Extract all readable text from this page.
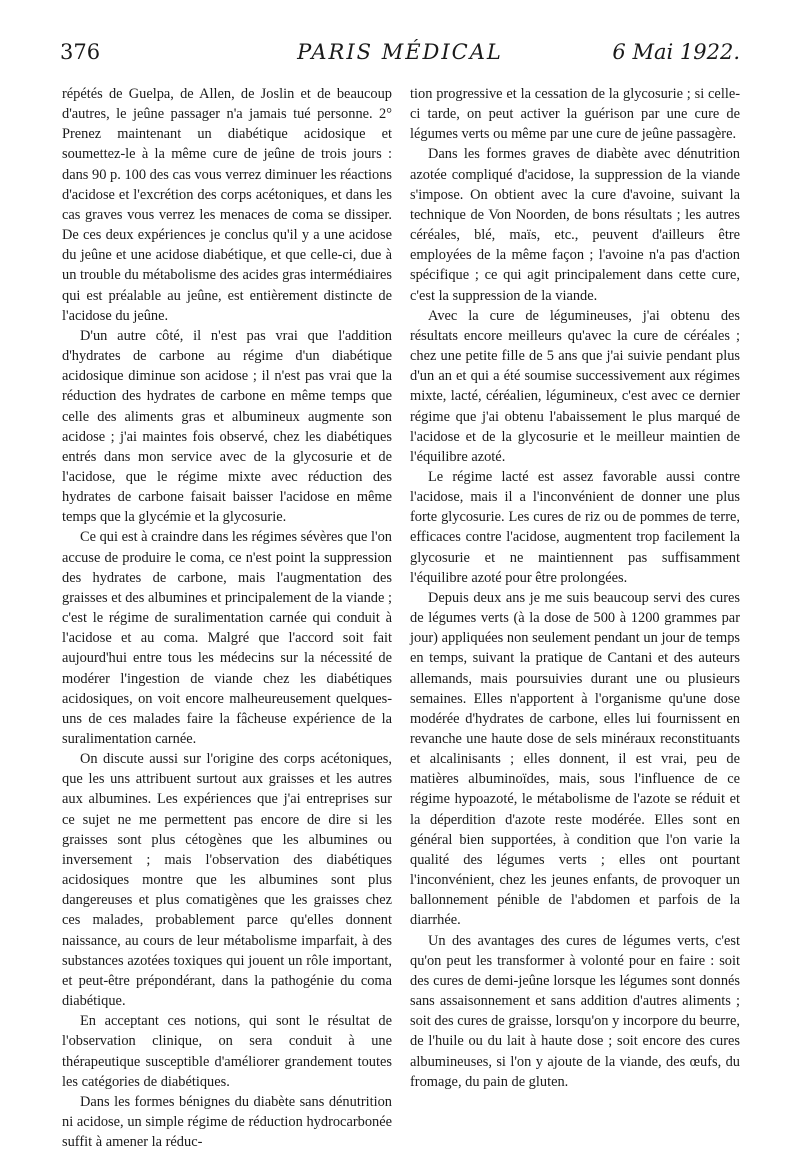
376	PARIS MÉDICAL	6 Mai 1922.

répétés de Guelpa, de Allen, de Joslin et de beaucoup d'autres, le jeûne passager n'a jamais tué personne. 2° Prenez maintenant un diabétique acidosique et soumettez-le à la même cure de jeûne de trois jours : dans 90 p. 100 des cas vous verrez diminuer les réactions d'acidose et l'excrétion des corps acétoniques, et dans les cas graves vous verrez les menaces de coma se dissiper. De ces deux expériences je conclus qu'il y a une acidose du jeûne et une acidose diabétique, et que celle-ci, due à un trouble du métabolisme des acides gras intermédiaires qui est préalable au jeûne, est entièrement distincte de l'acidose du jeûne.

D'un autre côté, il n'est pas vrai que l'addition d'hydrates de carbone au régime d'un diabétique acidosique diminue son acidose ; il n'est pas vrai que la réduction des hydrates de carbone en même temps que celle des aliments gras et albumineux augmente son acidose ; j'ai maintes fois observé, chez les diabétiques entrés dans mon service avec de la glycosurie et de l'acidose, que le régime mixte avec réduction des hydrates de carbone faisait baisser l'acidose en même temps que la glycémie et la glycosurie.

Ce qui est à craindre dans les régimes sévères que l'on accuse de produire le coma, ce n'est point la suppression des hydrates de carbone, mais l'augmentation des graisses et des albumines et principalement de la viande ; c'est le régime de suralimentation carnée qui conduit à l'acidose et au coma. Malgré que l'accord soit fait aujourd'hui entre tous les médecins sur la nécessité de modérer l'ingestion de viande chez les diabétiques acidosiques, on voit encore malheureusement quelques-uns de ces malades faire la fâcheuse expérience de la suralimentation carnée.

On discute aussi sur l'origine des corps acétoniques, que les uns attribuent surtout aux graisses et les autres aux albumines. Les expériences que j'ai entreprises sur ce sujet ne me permettent pas encore de dire si les graisses sont plus cétogènes que les albumines ou inversement ; mais l'observation des diabétiques acidosiques montre que les albumines sont plus dangereuses et plus comatigènes que les graisses chez ces malades, probablement parce qu'elles donnent naissance, au cours de leur métabolisme imparfait, à des substances azotées toxiques qui jouent un rôle important, et peut-être prépondérant, dans la pathogénie du coma diabétique.

En acceptant ces notions, qui sont le résultat de l'observation clinique, on sera conduit à une thérapeutique susceptible d'améliorer grandement toutes les catégories de diabétiques.

Dans les formes bénignes du diabète sans dénutrition ni acidose, un simple régime de réduction hydrocarbonée suffit à amener la réduc-

tion progressive et la cessation de la glycosurie ; si celle-ci tarde, on peut activer la guérison par une cure de légumes verts ou même par une cure de jeûne passagère.

Dans les formes graves de diabète avec dénutrition azotée compliqué d'acidose, la suppression de la viande s'impose. On obtient avec la cure d'avoine, suivant la technique de Von Noorden, de bons résultats ; les autres céréales, blé, maïs, etc., peuvent d'ailleurs être employées de la même façon ; l'avoine n'a pas d'action spécifique ; ce qui agit principalement dans cette cure, c'est la suppression de la viande.

Avec la cure de légumineuses, j'ai obtenu des résultats encore meilleurs qu'avec la cure de céréales ; chez une petite fille de 5 ans que j'ai suivie pendant plus d'un an et qui a été soumise successivement aux régimes mixte, lacté, céréalien, légumineux, c'est avec ce dernier régime que j'ai obtenu l'abaissement le plus marqué de l'acidose et de la glycosurie et le meilleur maintien de l'équilibre azoté.

Le régime lacté est assez favorable aussi contre l'acidose, mais il a l'inconvénient de donner une plus forte glycosurie. Les cures de riz ou de pommes de terre, efficaces contre l'acidose, augmentent trop facilement la glycosurie et ne maintiennent pas suffisamment l'équilibre azoté pour être prolongées.

Depuis deux ans je me suis beaucoup servi des cures de légumes verts (à la dose de 500 à 1200 grammes par jour) appliquées non seulement pendant un jour de temps en temps, suivant la pratique de Cantani et des auteurs allemands, mais poursuivies durant une ou plusieurs semaines. Elles n'apportent à l'organisme qu'une dose modérée d'hydrates de carbone, elles lui fournissent en revanche une haute dose de sels minéraux reconstituants et alcalinisants ; elles donnent, il est vrai, peu de matières albuminoïdes, mais, sous l'influence de ce régime hypoazoté, le métabolisme de l'azote se réduit et la déperdition d'azote reste modérée. Elles sont en général bien supportées, à condition que l'on varie la qualité des légumes verts ; elles ont pourtant l'inconvénient, chez les jeunes enfants, de provoquer un ballonnement pénible de l'abdomen et parfois de la diarrhée.

Un des avantages des cures de légumes verts, c'est qu'on peut les transformer à volonté pour en faire : soit des cures de demi-jeûne lorsque les légumes sont donnés sans assaisonnement et sans addition d'autres aliments ; soit des cures de graisse, lorsqu'on y incorpore du beurre, de l'huile ou du lait à haute dose ; soit encore des cures albumineuses, si l'on y ajoute de la viande, des œufs, du fromage, du pain de gluten.
